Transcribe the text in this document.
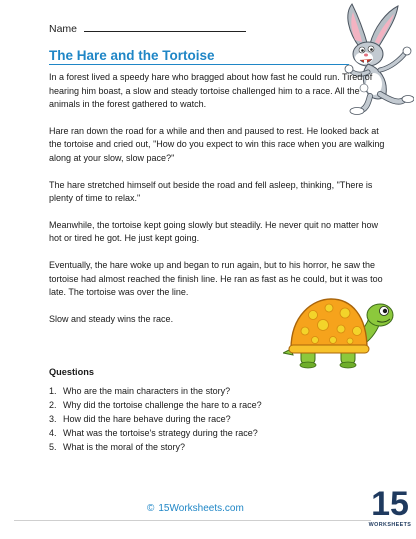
Name
The Hare and the Tortoise

In a forest lived a speedy hare who bragged about how fast he could run. Tired of hearing him boast, a slow and steady tortoise challenged him to a race. All the animals in the forest gathered to watch.

Hare ran down the road for a while and then and paused to rest. He looked back at the tortoise and cried out, "How do you expect to win this race when you are walking along at your slow, slow pace?"

The hare stretched himself out beside the road and fell asleep, thinking, "There is plenty of time to relax."

Meanwhile, the tortoise kept going slowly but steadily. He never quit no matter how hot or tired he got. He just kept going.

Eventually, the hare woke up and began to run again, but to his horror, he saw the tortoise had almost reached the finish line. He ran as fast as he could, but it was too late. The tortoise was over the line.

Slow and steady wins the race.

Questions
1. Who are the main characters in the story?
2. Why did the tortoise challenge the hare to a race?
3. How did the hare behave during the race?
4. What was the tortoise's strategy during the race?
5. What is the moral of the story?
© 15Worksheets.com	15
WORKSHEETS
